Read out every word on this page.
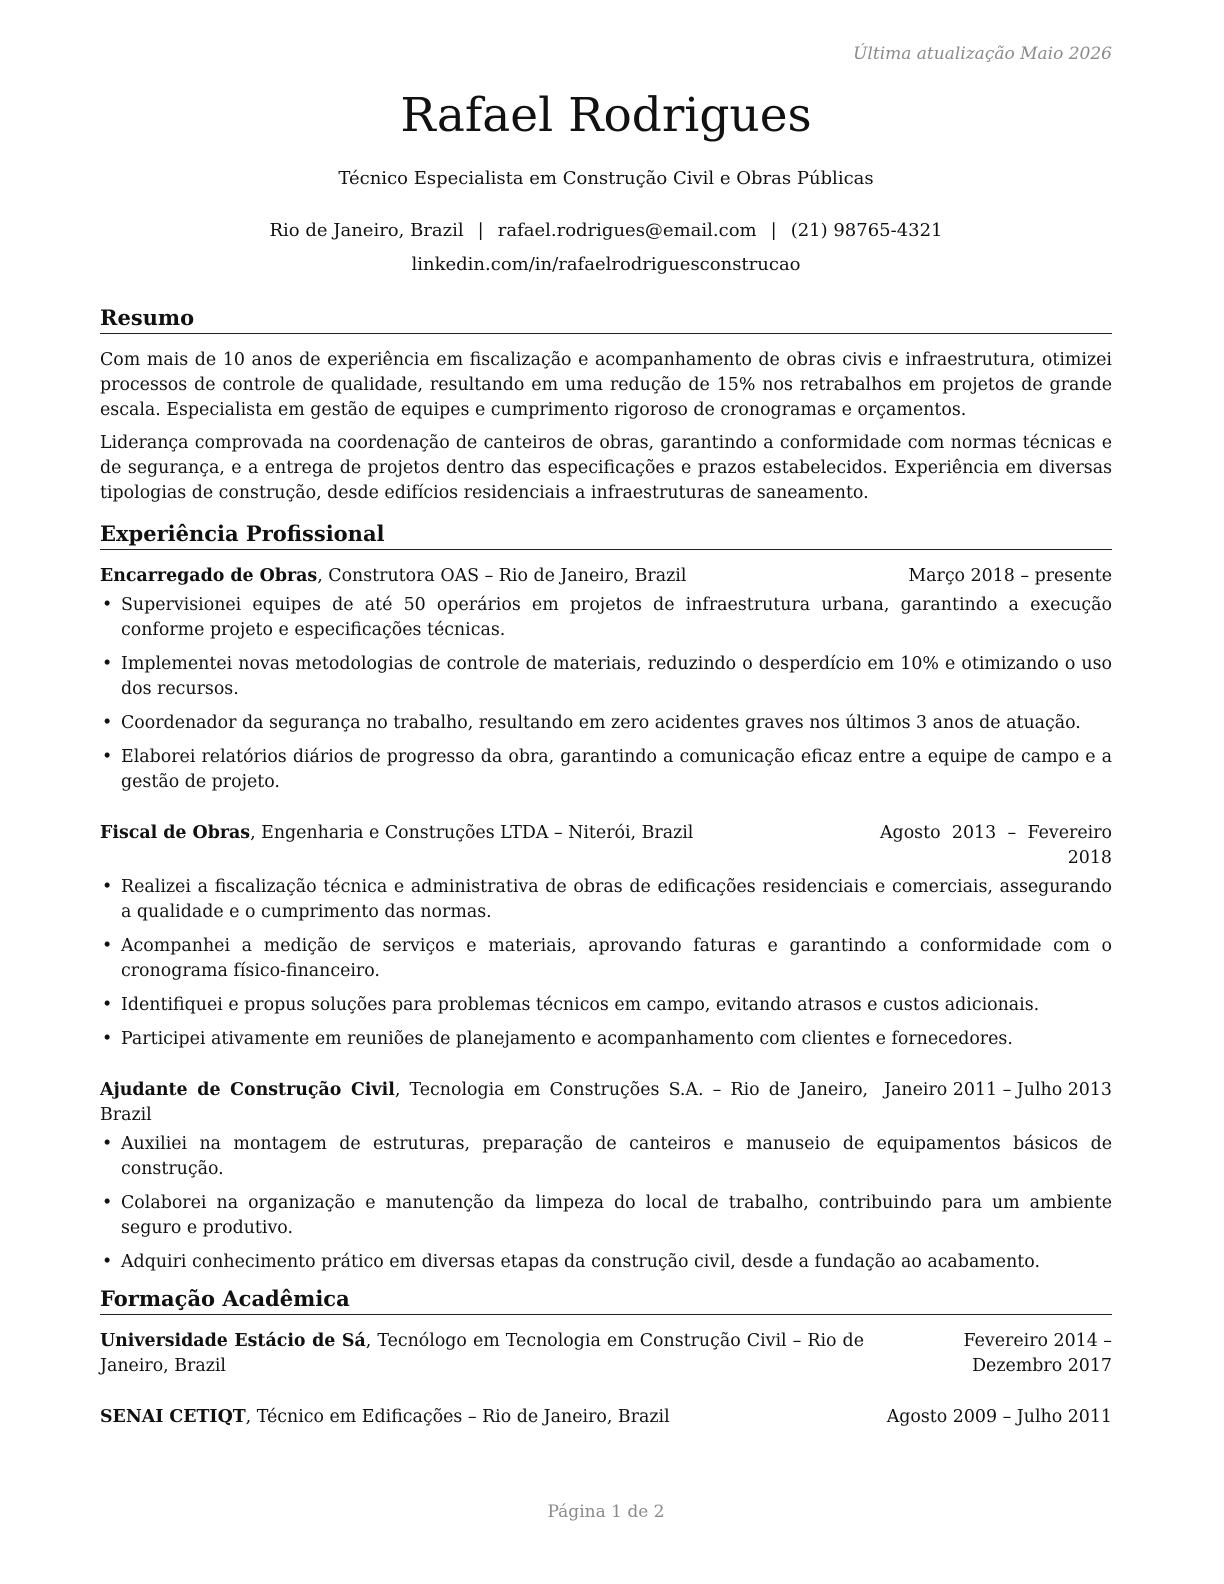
Última atualização Maio 2026
Rafael Rodrigues
Técnico Especialista em Construção Civil e Obras Públicas
Rio de Janeiro, Brazil | rafael.rodrigues@email.com | (21) 98765-4321
linkedin.com/in/rafaelrodriguesconstrucao
Resumo

Com mais de 10 anos de experiência em fiscalização e acompanhamento de obras civis e infraestrutura, otimizei processos de controle de qualidade, resultando em uma redução de 15% nos retrabalhos em projetos de grande escala. Especialista em gestão de equipes e cumprimento rigoroso de cronogramas e orçamentos.

Liderança comprovada na coordenação de canteiros de obras, garantindo a conformidade com normas técnicas e de segurança, e a entrega de projetos dentro das especificações e prazos estabelecidos. Experiência em diversas tipologias de construção, desde edifícios residenciais a infraestruturas de saneamento.

Experiência Profissional
Encarregado de Obras, Construtora OAS – Rio de Janeiro, Brazil	Março 2018 – presente
• Supervisionei equipes de até 50 operários em projetos de infraestrutura urbana, garantindo a execução conforme projeto e especificações técnicas.
• Implementei novas metodologias de controle de materiais, reduzindo o desperdício em 10% e otimizando o uso dos recursos.
• Coordenador da segurança no trabalho, resultando em zero acidentes graves nos últimos 3 anos de atuação.
• Elaborei relatórios diários de progresso da obra, garantindo a comunicação eficaz entre a equipe de campo e a gestão de projeto.
Fiscal de Obras, Engenharia e Construções LTDA – Niterói, Brazil	Agosto 2013 – Fevereiro 2018
• Realizei a fiscalização técnica e administrativa de obras de edificações residenciais e comerciais, assegurando a qualidade e o cumprimento das normas.
• Acompanhei a medição de serviços e materiais, aprovando faturas e garantindo a conformidade com o cronograma físico-financeiro.
• Identifiquei e propus soluções para problemas técnicos em campo, evitando atrasos e custos adicionais.
• Participei ativamente em reuniões de planejamento e acompanhamento com clientes e fornecedores.
Ajudante de Construção Civil, Tecnologia em Construções S.A. – Rio de Janeiro, Brazil
Janeiro 2011 – Julho 2013
• Auxiliei na montagem de estruturas, preparação de canteiros e manuseio de equipamentos básicos de construção.
• Colaborei na organização e manutenção da limpeza do local de trabalho, contribuindo para um ambiente seguro e produtivo.
• Adquiri conhecimento prático em diversas etapas da construção civil, desde a fundação ao acabamento.
Formação Acadêmica
Universidade Estácio de Sá, Tecnólogo em Tecnologia em Construção Civil – Rio de Janeiro, Brazil
Fevereiro 2014 – Dezembro 2017
SENAI CETIQT, Técnico em Edificações – Rio de Janeiro, Brazil	Agosto 2009 – Julho 2011
Página 1 de 2
